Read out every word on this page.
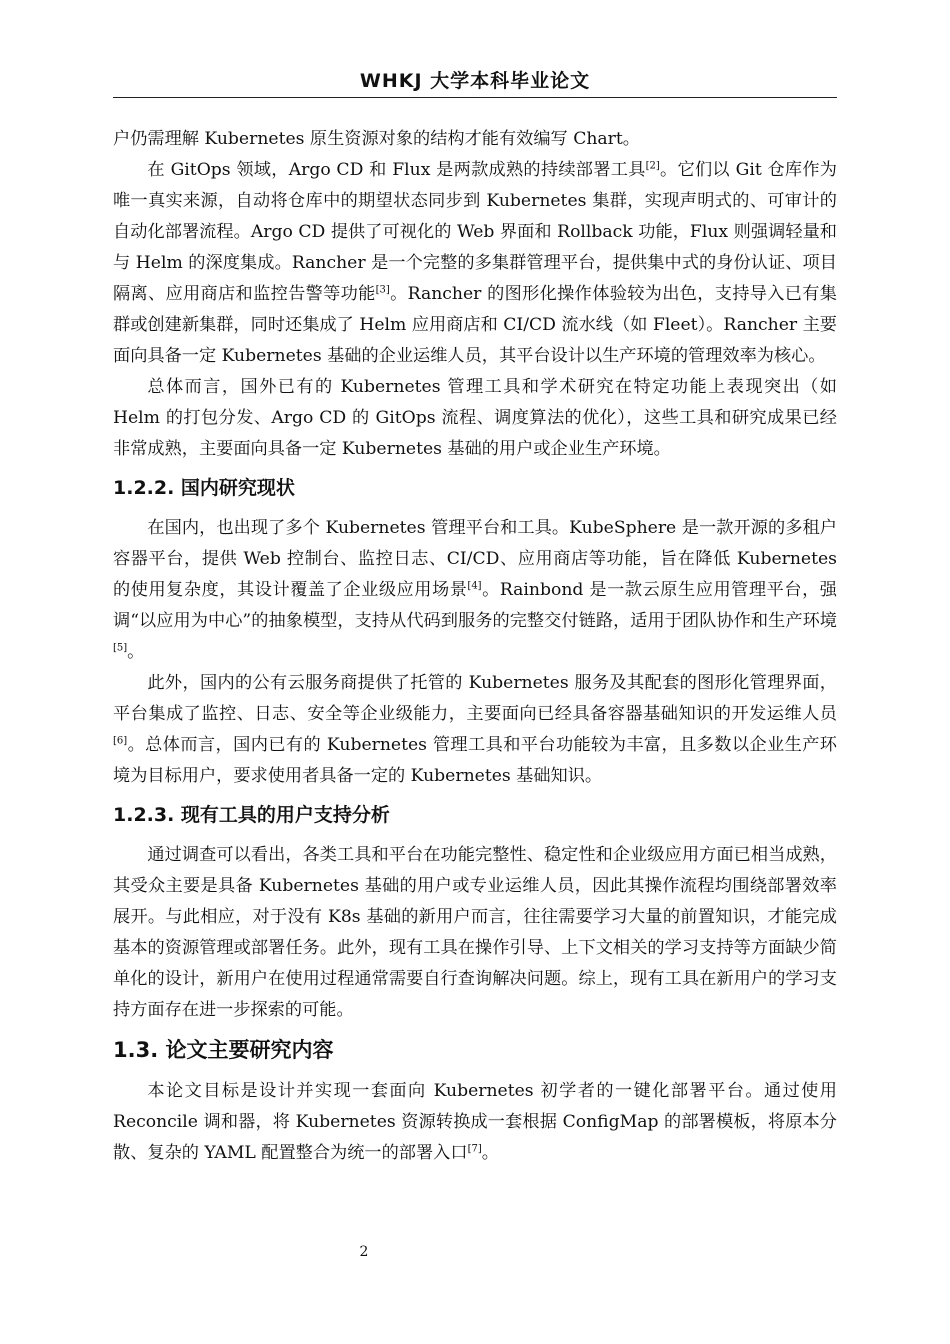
WHKJ 大学本科毕业论文

户仍需理解 Kubernetes 原生资源对象的结构才能有效编写 Chart。

在 GitOps 领域，Argo CD 和 Flux 是两款成熟的持续部署工具[2]。它们以 Git 仓库作为唯一真实来源，自动将仓库中的期望状态同步到 Kubernetes 集群，实现声明式的、可审计的自动化部署流程。Argo CD 提供了可视化的 Web 界面和 Rollback 功能，Flux 则强调轻量和与 Helm 的深度集成。Rancher 是一个完整的多集群管理平台，提供集中式的身份认证、项目隔离、应用商店和监控告警等功能[3]。Rancher 的图形化操作体验较为出色，支持导入已有集群或创建新集群，同时还集成了 Helm 应用商店和 CI/CD 流水线（如 Fleet）。Rancher 主要面向具备一定 Kubernetes 基础的企业运维人员，其平台设计以生产环境的管理效率为核心。

总体而言，国外已有的 Kubernetes 管理工具和学术研究在特定功能上表现突出（如 Helm 的打包分发、Argo CD 的 GitOps 流程、调度算法的优化），这些工具和研究成果已经非常成熟，主要面向具备一定 Kubernetes 基础的用户或企业生产环境。

1.2.2. 国内研究现状

在国内，也出现了多个 Kubernetes 管理平台和工具。KubeSphere 是一款开源的多租户容器平台，提供 Web 控制台、监控日志、CI/CD、应用商店等功能，旨在降低 Kubernetes 的使用复杂度，其设计覆盖了企业级应用场景[4]。Rainbond 是一款云原生应用管理平台，强调“以应用为中心”的抽象模型，支持从代码到服务的完整交付链路，适用于团队协作和生产环境[5]。

此外，国内的公有云服务商提供了托管的 Kubernetes 服务及其配套的图形化管理界面，平台集成了监控、日志、安全等企业级能力，主要面向已经具备容器基础知识的开发运维人员[6]。总体而言，国内已有的 Kubernetes 管理工具和平台功能较为丰富，且多数以企业生产环境为目标用户，要求使用者具备一定的 Kubernetes 基础知识。

1.2.3. 现有工具的用户支持分析

通过调查可以看出，各类工具和平台在功能完整性、稳定性和企业级应用方面已相当成熟，其受众主要是具备 Kubernetes 基础的用户或专业运维人员，因此其操作流程均围绕部署效率展开。与此相应，对于没有 K8s 基础的新用户而言，往往需要学习大量的前置知识，才能完成基本的资源管理或部署任务。此外，现有工具在操作引导、上下文相关的学习支持等方面缺少简单化的设计，新用户在使用过程通常需要自行查询解决问题。综上，现有工具在新用户的学习支持方面存在进一步探索的可能。

1.3. 论文主要研究内容

本论文目标是设计并实现一套面向 Kubernetes 初学者的一键化部署平台。通过使用 Reconcile 调和器，将 Kubernetes 资源转换成一套根据 ConfigMap 的部署模板，将原本分散、复杂的 YAML 配置整合为统一的部署入口[7]。

2
